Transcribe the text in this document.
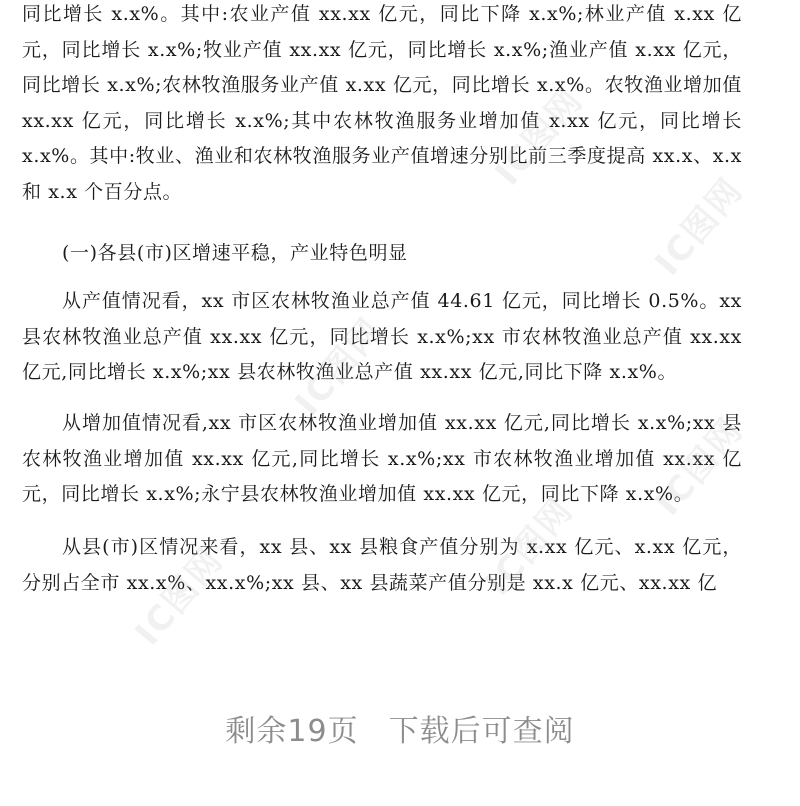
同比增长 x.x%。其中:农业产值 xx.xx 亿元，同比下降 x.x%;林业产值 x.xx 亿元，同比增长 x.x%;牧业产值 xx.xx 亿元，同比增长 x.x%;渔业产值 x.xx 亿元，同比增长 x.x%;农林牧渔服务业产值 x.xx 亿元，同比增长 x.x%。农牧渔业增加值 xx.xx 亿元，同比增长 x.x%;其中农林牧渔服务业增加值 x.xx 亿元，同比增长 x.x%。其中:牧业、渔业和农林牧渔服务业产值增速分别比前三季度提高 xx.x、x.x 和 x.x 个百分点。

(一)各县(市)区增速平稳，产业特色明显

从产值情况看，xx 市区农林牧渔业总产值 44.61 亿元，同比增长 0.5%。xx 县农林牧渔业总产值 xx.xx 亿元，同比增长 x.x%;xx 市农林牧渔业总产值 xx.xx 亿元,同比增长 x.x%;xx 县农林牧渔业总产值 xx.xx 亿元,同比下降 x.x%。

从增加值情况看,xx 市区农林牧渔业增加值 xx.xx 亿元,同比增长 x.x%;xx 县农林牧渔业增加值 xx.xx 亿元,同比增长 x.x%;xx 市农林牧渔业增加值 xx.xx 亿元，同比增长 x.x%;永宁县农林牧渔业增加值 xx.xx 亿元，同比下降 x.x%。

从县(市)区情况来看，xx 县、xx 县粮食产值分别为 x.xx 亿元、x.xx 亿元，分别占全市 xx.x%、xx.x%;xx 县、xx 县蔬菜产值分别是 xx.x 亿元、xx.xx 亿

IC图网
IC图网
IC图网
IC图网
IC图网	IC图网
剩余19页 下载后可查阅
